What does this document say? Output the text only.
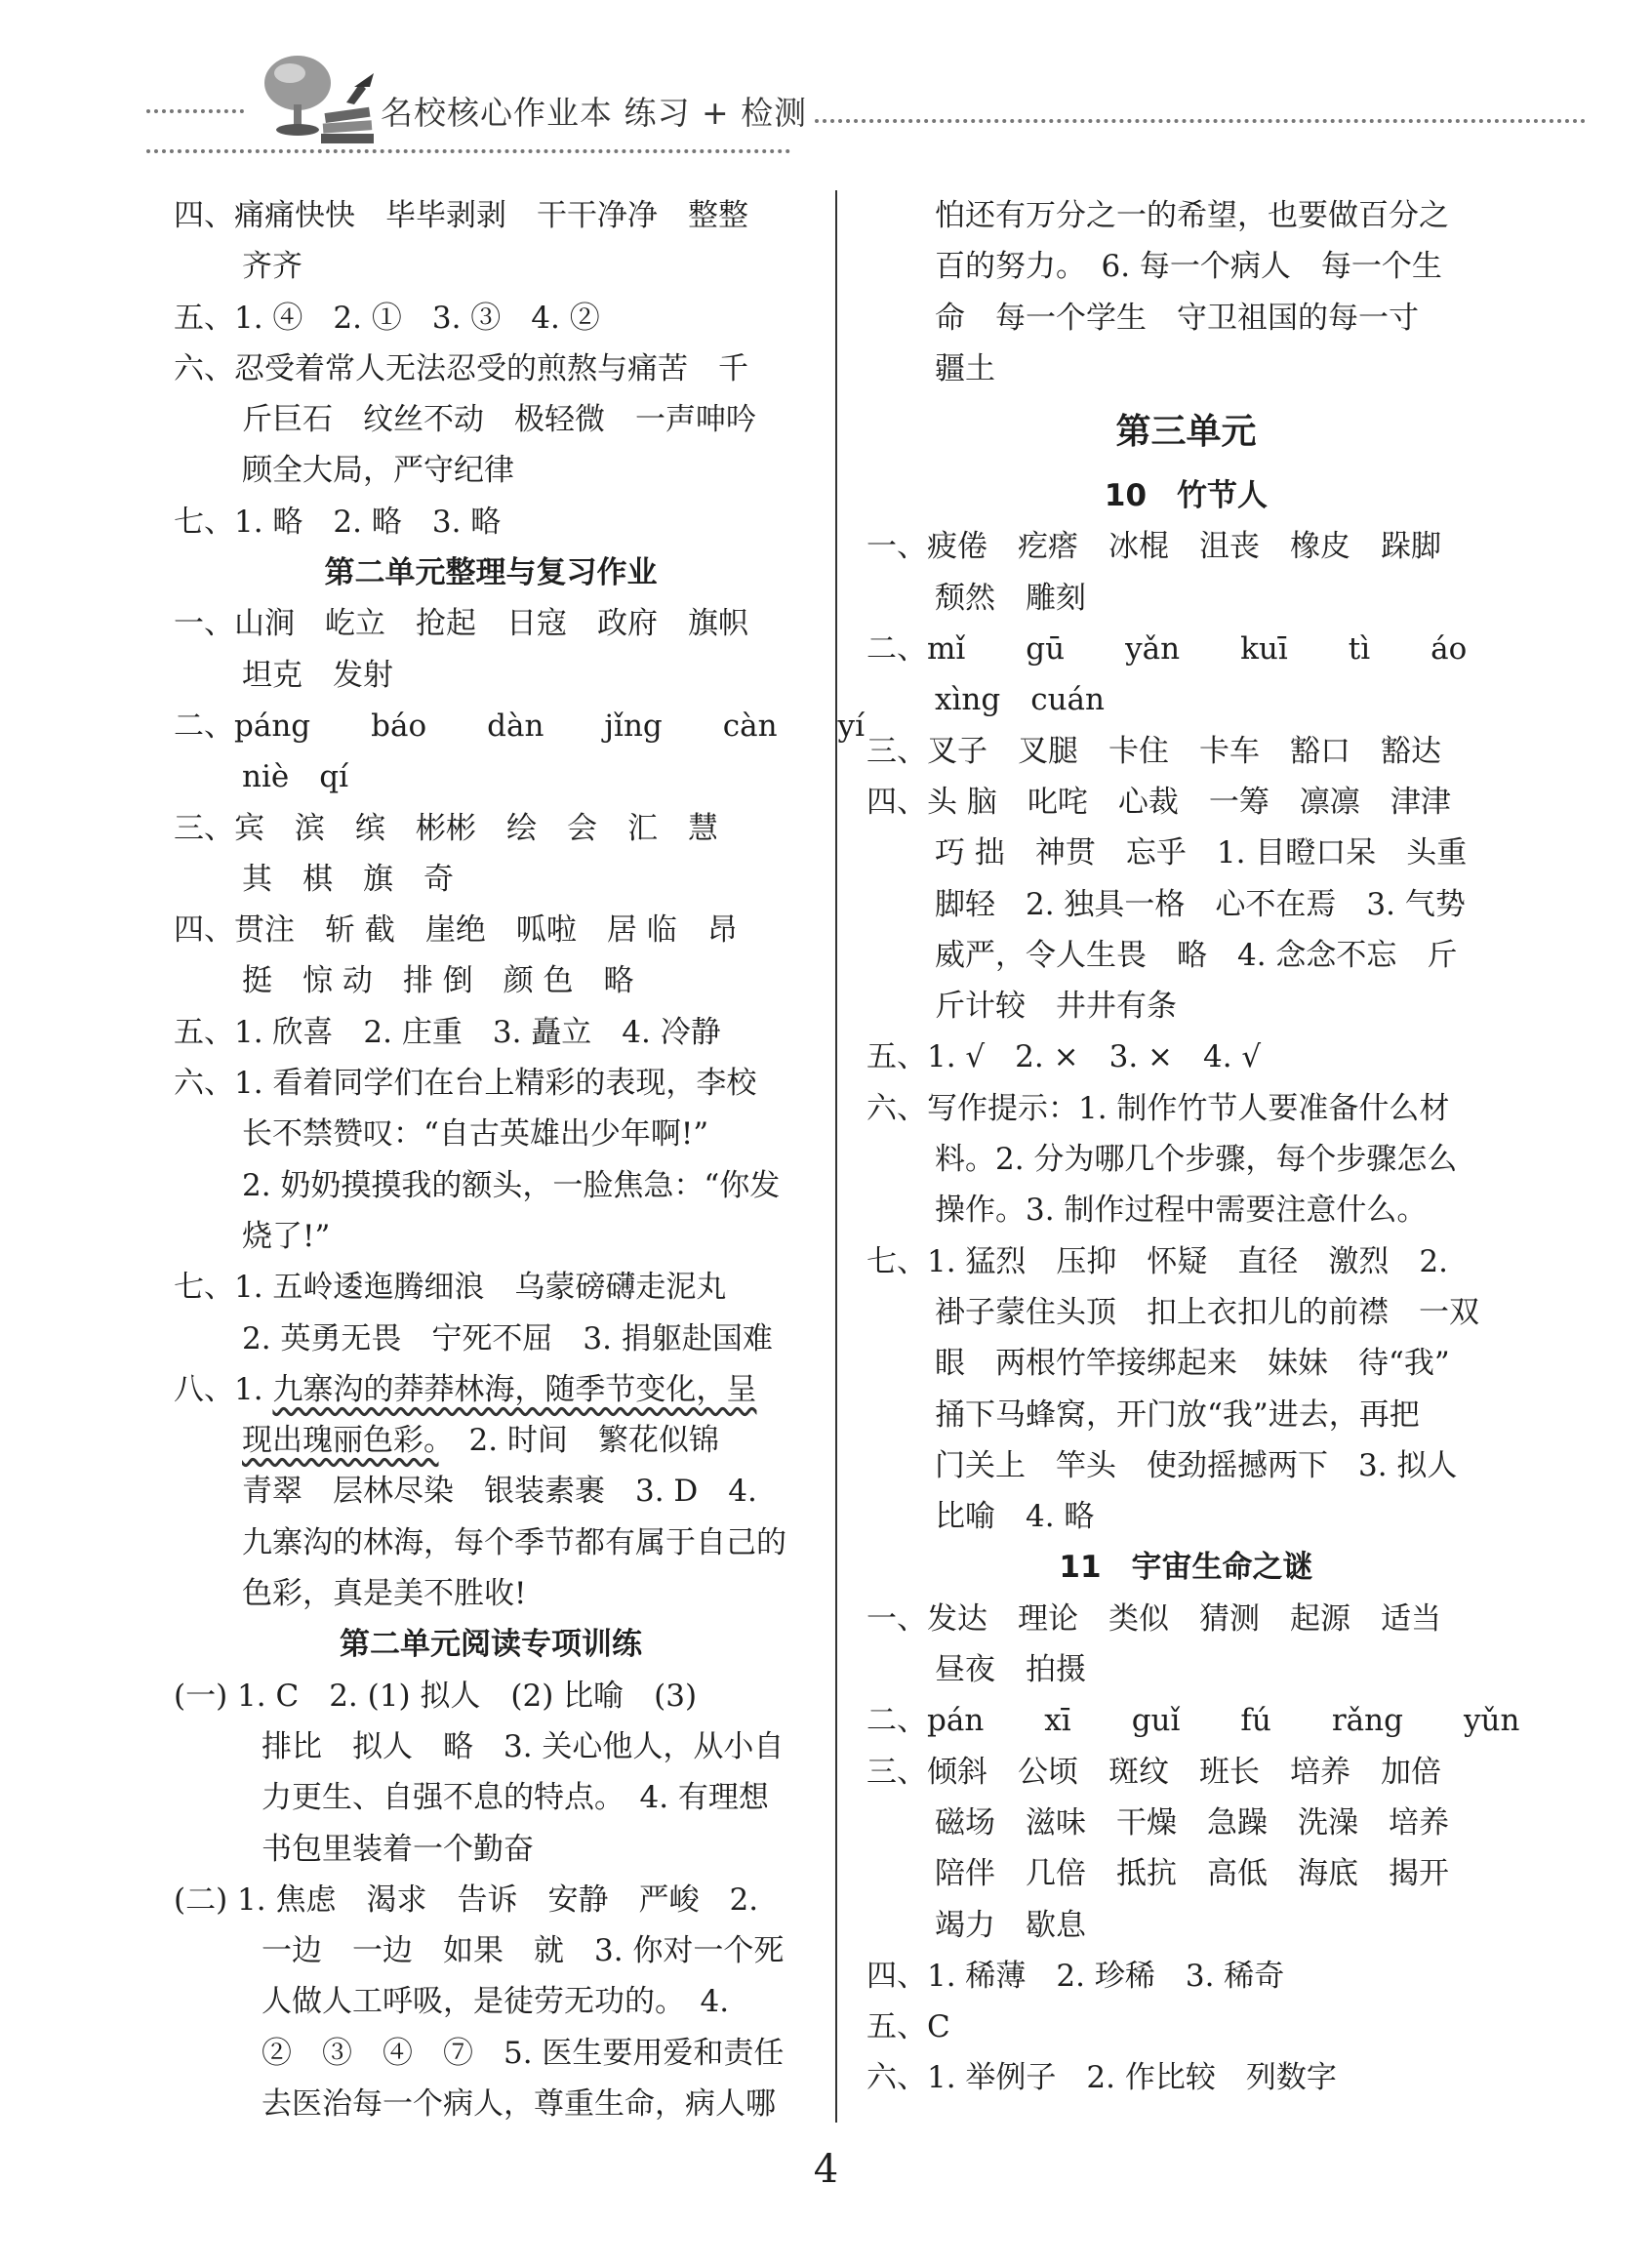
名校核心作业本 练习 + 检测
四、痛痛快快　毕毕剥剥　干干净净　整整
齐齐
五、1. ④　2. ①　3. ③　4. ②
六、忍受着常人无法忍受的煎熬与痛苦　千
斤巨石　纹丝不动　极轻微　一声呻吟
顾全大局，严守纪律
七、1. 略　2. 略　3. 略
第二单元整理与复习作业
一、山涧　屹立　抢起　日寇　政府　旗帜
坦克　发射
二、páng　　báo　　dàn　　jǐng　　càn　　yí
niè　qí
三、宾　滨　缤　彬彬　绘　会　汇　慧
其　棋　旗　奇
四、贯注　斩 截　崖绝　呱啦　居 临　昂
挺　惊 动　排 倒　颜 色　略
五、1. 欣喜　2. 庄重　3. 矗立　4. 冷静
六、1. 看着同学们在台上精彩的表现，李校
长不禁赞叹：“自古英雄出少年啊!”
2. 奶奶摸摸我的额头，一脸焦急：“你发
烧了!”
七、1. 五岭逶迤腾细浪　乌蒙磅礴走泥丸
2. 英勇无畏　宁死不屈　3. 捐躯赴国难
八、1. 九寨沟的莽莽林海，随季节变化，呈
现出瑰丽色彩。　2. 时间　繁花似锦
青翠　层林尽染　银装素裹　3. D　4.
九寨沟的林海，每个季节都有属于自己的
色彩，真是美不胜收!
第二单元阅读专项训练
(一) 1. C　2. (1) 拟人　(2) 比喻　(3)
排比　拟人　略　3. 关心他人，从小自
力更生、自强不息的特点。　4. 有理想
书包里装着一个勤奋
(二) 1. 焦虑　渴求　告诉　安静　严峻　2.
一边　一边　如果　就　3. 你对一个死
人做人工呼吸，是徒劳无功的。　4.
②　③　④　⑦　5. 医生要用爱和责任
去医治每一个病人，尊重生命，病人哪
怕还有万分之一的希望，也要做百分之
百的努力。　6. 每一个病人　每一个生
命　每一个学生　守卫祖国的每一寸
疆土
第三单元
10　竹节人
一、疲倦　疙瘩　冰棍　沮丧　橡皮　跺脚
颓然　雕刻
二、mǐ　　gū　　yǎn　　kuī　　tì　　áo
xìng　cuán
三、叉子　叉腿　卡住　卡车　豁口　豁达
四、头 脑　叱咤　心裁　一筹　凛凛　津津
巧 拙　神贯　忘乎　1. 目瞪口呆　头重
脚轻　2. 独具一格　心不在焉　3. 气势
威严，令人生畏　略　4. 念念不忘　斤
斤计较　井井有条
五、1. √　2. ×　3. ×　4. √
六、写作提示：1. 制作竹节人要准备什么材
料。2. 分为哪几个步骤，每个步骤怎么
操作。3. 制作过程中需要注意什么。
七、1. 猛烈　压抑　怀疑　直径　激烈　2.
褂子蒙住头顶　扣上衣扣儿的前襟　一双
眼　两根竹竿接绑起来　妹妹　待“我”
捅下马蜂窝，开门放“我”进去，再把
门关上　竿头　使劲摇撼两下　3. 拟人
比喻　4. 略
11　宇宙生命之谜
一、发达　理论　类似　猜测　起源　适当
昼夜　拍摄
二、pán　　xī　　guǐ　　fú　　rǎng　　yǔn
三、倾斜　公顷　斑纹　班长　培养　加倍
磁场　滋味　干燥　急躁　洗澡　培养
陪伴　几倍　抵抗　高低　海底　揭开
竭力　歇息
四、1. 稀薄　2. 珍稀　3. 稀奇
五、C
六、1. 举例子　2. 作比较　列数字
4
